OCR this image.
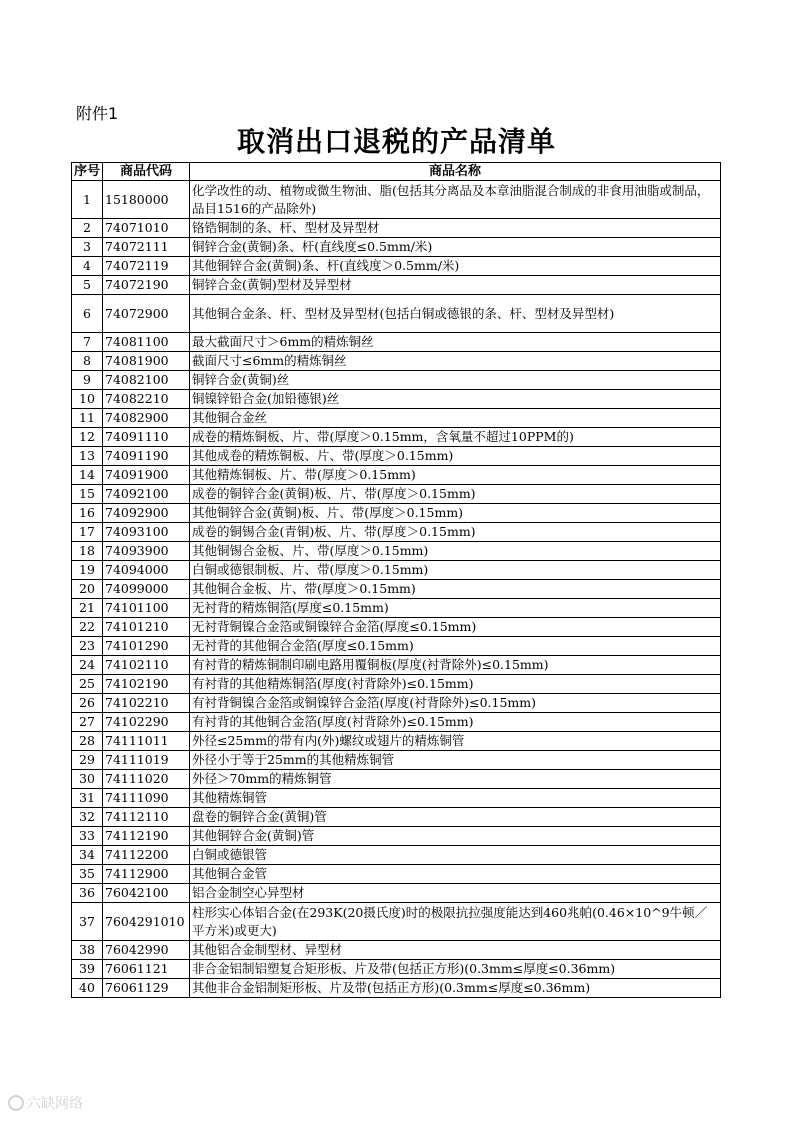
附件1
取消出口退税的产品清单
序号	商品代码	商品名称
1	15180000	化学改性的动、植物或微生物油、脂(包括其分离品及本章油脂混合制成的非食用油脂或制品，品目1516的产品除外)
2	74071010	铬锆铜制的条、杆、型材及异型材
3	74072111	铜锌合金(黄铜)条、杆(直线度≤0.5mm/米)
4	74072119	其他铜锌合金(黄铜)条、杆(直线度＞0.5mm/米)
5	74072190	铜锌合金(黄铜)型材及异型材
6	74072900	其他铜合金条、杆、型材及异型材(包括白铜或德银的条、杆、型材及异型材)
7	74081100	最大截面尺寸＞6mm的精炼铜丝
8	74081900	截面尺寸≤6mm的精炼铜丝
9	74082100	铜锌合金(黄铜)丝
10	74082210	铜镍锌铅合金(加铅德银)丝
11	74082900	其他铜合金丝
12	74091110	成卷的精炼铜板、片、带(厚度＞0.15mm，含氧量不超过10PPM的)
13	74091190	其他成卷的精炼铜板、片、带(厚度＞0.15mm)
14	74091900	其他精炼铜板、片、带(厚度＞0.15mm)
15	74092100	成卷的铜锌合金(黄铜)板、片、带(厚度＞0.15mm)
16	74092900	其他铜锌合金(黄铜)板、片、带(厚度＞0.15mm)
17	74093100	成卷的铜锡合金(青铜)板、片、带(厚度＞0.15mm)
18	74093900	其他铜锡合金板、片、带(厚度＞0.15mm)
19	74094000	白铜或德银制板、片、带(厚度＞0.15mm)
20	74099000	其他铜合金板、片、带(厚度＞0.15mm)
21	74101100	无衬背的精炼铜箔(厚度≤0.15mm)
22	74101210	无衬背铜镍合金箔或铜镍锌合金箔(厚度≤0.15mm)
23	74101290	无衬背的其他铜合金箔(厚度≤0.15mm)
24	74102110	有衬背的精炼铜制印刷电路用覆铜板(厚度(衬背除外)≤0.15mm)
25	74102190	有衬背的其他精炼铜箔(厚度(衬背除外)≤0.15mm)
26	74102210	有衬背铜镍合金箔或铜镍锌合金箔(厚度(衬背除外)≤0.15mm)
27	74102290	有衬背的其他铜合金箔(厚度(衬背除外)≤0.15mm)
28	74111011	外径≤25mm的带有内(外)螺纹或翅片的精炼铜管
29	74111019	外径小于等于25mm的其他精炼铜管
30	74111020	外径＞70mm的精炼铜管
31	74111090	其他精炼铜管
32	74112110	盘卷的铜锌合金(黄铜)管
33	74112190	其他铜锌合金(黄铜)管
34	74112200	白铜或德银管
35	74112900	其他铜合金管
36	76042100	铝合金制空心异型材
37	7604291010	柱形实心体铝合金(在293K(20摄氏度)时的极限抗拉强度能达到460兆帕(0.46×10^9牛顿／平方米)或更大)
38	76042990	其他铝合金制型材、异型材
39	76061121	非合金铝制铝塑复合矩形板、片及带(包括正方形)(0.3mm≤厚度≤0.36mm)
40	76061129	其他非合金铝制矩形板、片及带(包括正方形)(0.3mm≤厚度≤0.36mm)
六缺网络
